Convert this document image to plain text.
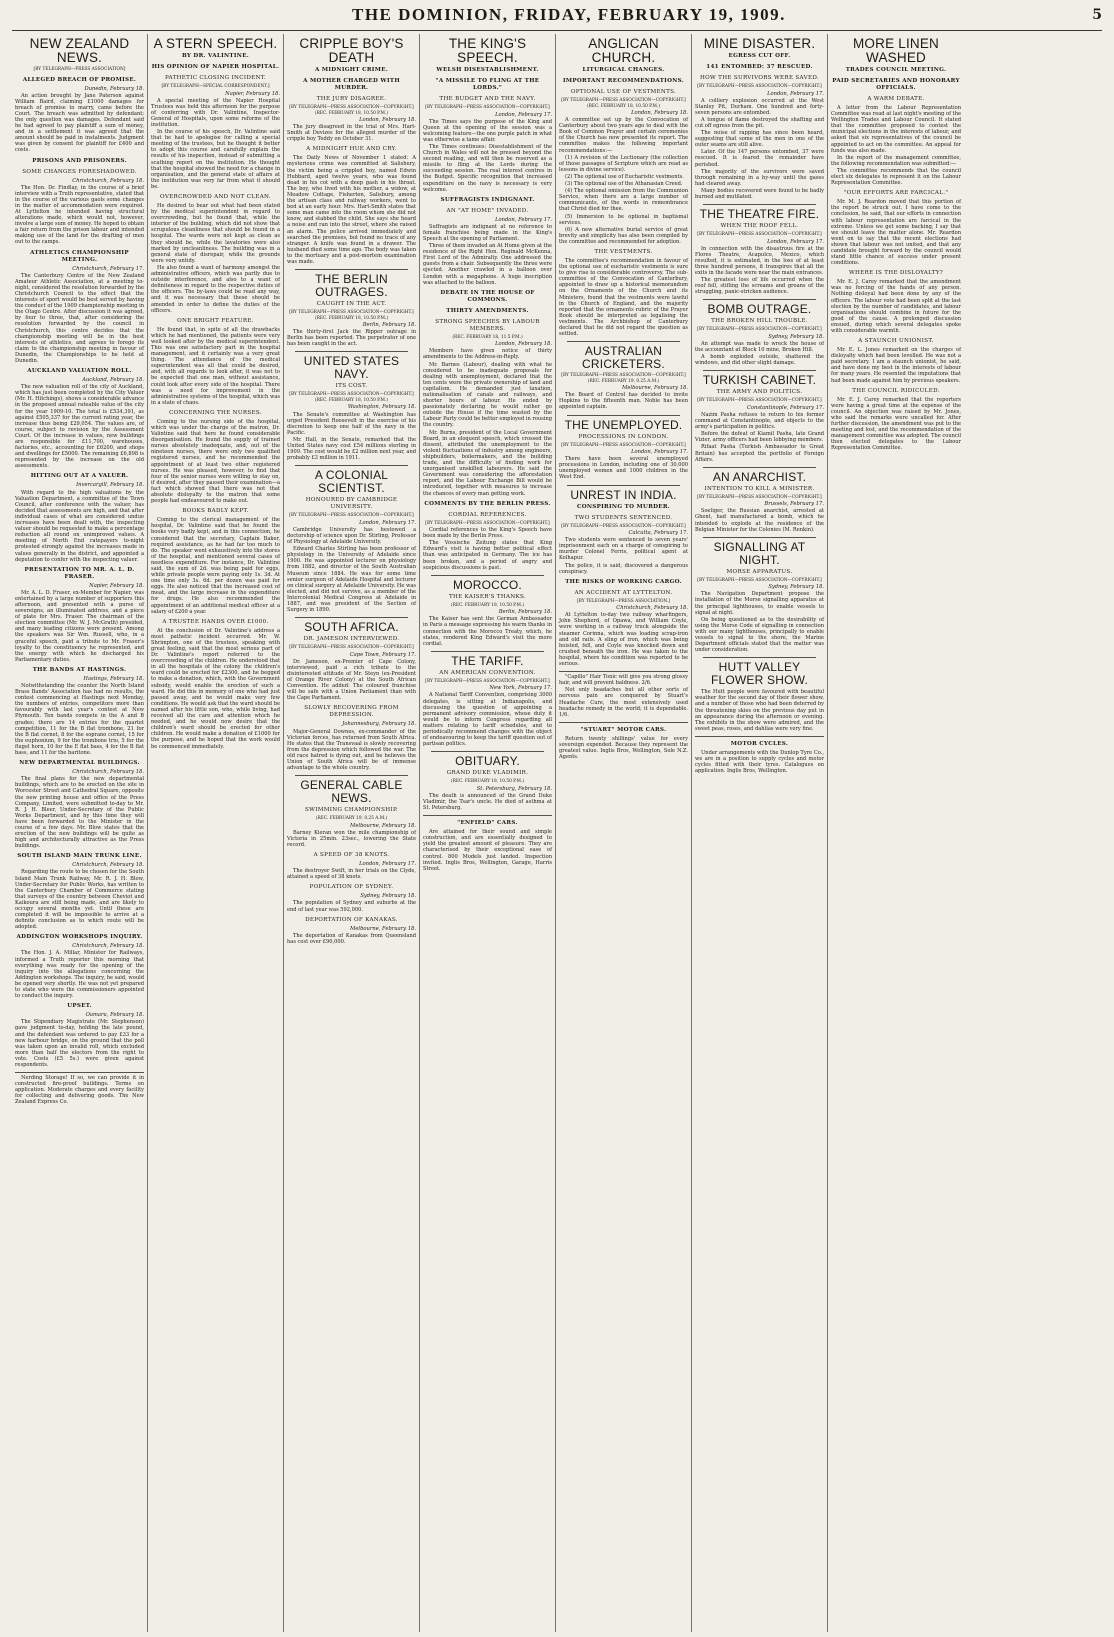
THE DOMINION, FRIDAY, FEBRUARY 19, 1909.	5
NEW ZEALAND NEWS.
[BY TELEGRAPH—PRESS ASSOCIATION]
ALLEGED BREACH OF PROMISE.
Dunedin, February 18.

An action brought by Jane Paterson against William Baird, claiming £1000 damages for breach of promise to marry, came before the Court. The breach was admitted by defendant; the only question was damages. Defendant said he had agreed to pay plaintiff a sum of money, and in a settlement it was agreed that the amount should be paid in instalments. Judgment was given by consent for plaintiff for £400 and costs.

PRISONS AND PRISONERS.
SOME CHANGES FORESHADOWED.
Christchurch, February 18.

The Hon. Dr. Findlay, in the course of a brief interview with a Truth representative, stated that in the course of the various gaols some changes in the matter of accommodation were required. At Lyttelton he intended having structural alterations made, which would not, however, involve a large sum of money. He hoped to obtain a fair return from the prison labour and intended making use of the land for the drafting of men out to the camps.

ATHLETICS CHAMPIONSHIP MEETING.
Christchurch, February 17.

The Canterbury Centre of the New Zealand Amateur Athletic Association, at a meeting to-night, considered the resolution forwarded by the Christchurch Council to the effect that the interests of sport would be best served by having the conduct of the 1909 championship meeting in the Otago Centre. After discussion it was agreed, by four to three, that, after considering the resolution forwarded by the council in Christchurch, this centre decides that the championship meeting will be in the best interests of athletics, and agrees to forego its claim to the championship meeting in favour of Dunedin, the Championships to be held at Dunedin.

AUCKLAND VALUATION ROLL.
Auckland, February 18.

The new valuation roll of the city of Auckland, which has just been completed by the City Valuer (Mr. H. Hitchings), shows a considerable advance in the proposed annual rateable value of the city for the year 1909-10. The total is £534,391, as against £505,337 for the current rating year, the increase thus being £29,054. The values are, of course, subject to revision by the Assessment Court. Of the increase in values, new buildings are responsible for £11,700, warehouses, factories, etc., accounting for £6200, and shops and dwellings for £5000. The remaining £6,898 is represented by the increase on the old assessments.

HITTING OUT AT A VALUER.
Invercargill, February 18.

With regard to the high valuations by the Valuation Department, a committee of the Town Council, after conference with the valuer, has decided that assessments are high, and that after individual cases of what are considered undue increases have been dealt with, the inspecting valuer should be requested to make a percentage reduction all round on unimproved values. A meeting of North End ratepayers to-night protested strongly against the increases made in values generally in the district, and appointed a deputation to confer with the inspecting valuer.

PRESENTATION TO MR. A. L. D. FRASER.
Napier, February 18.

Mr. A. L. D. Fraser, ex-Member for Napier, was entertained by a large number of supporters this afternoon, and presented with a purse of sovereigns, an illuminated address, and a piece of plate for Mrs. Fraser. The chairman of the election committee (Mr. W. J. McGrath) presided, and many leading citizens were present. Among the speakers was Sir Wm. Russell, who, in a graceful speech, paid a tribute to Mr. Fraser's loyalty to the constituency he represented, and the energy with which he discharged his Parliamentary duties.

THE BANDS AT HASTINGS.
Hastings, February 18.

Notwithstanding the counter the North Island Brass Bands' Association has had no results, the contest commencing at Hastings next Monday, the numbers of entries, competitors more than favourably with last year's contest at New Plymouth. Ten bands compete in the A and B grades; there are 14 entries for the quartet competition, 11 for the B flat trombone, 21 for the B flat cornet, 8 for the soprano cornet, 15 for the euphonium, 9 for the trombone trio, 5 for the flugel horn, 10 for the E flat bass, 4 for the B flat bass, and 11 for the baritone.

NEW DEPARTMENTAL BUILDINGS.
Christchurch, February 18.

The final plans for the new departmental buildings, which are to be erected on the site in Worcester Street and Cathedral Square, opposite the new printing house and office of the Press Company, Limited, were submitted to-day to Mr. R. J. H. Bleer, Under-Secretary of the Public Works Department, and by this time they will have been forwarded to the Minister in the course of a few days. Mr. Blow states that the erection of the new buildings will be quite as high and architecturally attractive as the Press buildings.

SOUTH ISLAND MAIN TRUNK LINE.
Christchurch, February 18.

Regarding the route to be chosen for the South Island Main Trunk Railway, Mr. R. J. H. Blow, Under-Secretary for Public Works, has written to the Canterbury Chamber of Commerce stating that surveys of the country between Cheviot and Kaikoura are still being made, and are likely to occupy several months yet. Until these are completed it will be impossible to arrive at a definite conclusion as to which route will be adopted.

ADDINGTON WORKSHOPS INQUIRY.
Christchurch, February 18.

The Hon. J. A. Millar, Minister for Railways, informed a Truth reporter this morning that everything was ready for the opening of the inquiry into the allegations concerning the Addington workshops. The inquiry, he said, would be opened very shortly. He was not yet prepared to state who were the commissioners appointed to conduct the inquiry.

UPSET.
Oamaru, February 18.

The Stipendiary Magistrate (Mr. Stephenson) gave judgment to-day, holding the late pound, and the defendant was ordered to pay £33 for a new harbour bridge, on the ground that the poll was taken upon an invalid roll, which excluded more than half the electors from the right to vote. Costs (£5 5s.) were given against respondents.

Nerding Storage! If so, we can provide it in constructed fire-proof buildings. Terms on application. Moderate charges and every facility for collecting and delivering goods. The New Zealand Express Co.

A STERN SPEECH.
BY DR. VALINTINE.
HIS OPINION OF NAPIER HOSPITAL.
PATHETIC CLOSING INCIDENT.
[BY TELEGRAPH—SPECIAL CORRESPONDENT.]
Napier, February 18.

A special meeting of the Napier Hospital Trustees was held this afternoon for the purpose of conferring with Dr. Valintine, Inspector-General of Hospitals, upon some reforms of the institution.

In the course of his speech, Dr. Valintine said that he had to apologise for calling a special meeting of the trustees, but he thought it better to adopt this course and carefully explain the results of his inspection, instead of submitting a scathing report on the institution. He thought that the hospital showed the need for a change in organisation, and the general state of affairs at the institution was very far from what it should be.

OVERCROWDED AND NOT CLEAN.

He desired to bear out what had been stated by the medical superintendent in regard to overcrowding, but he found that, while the interior of the building, which did not show that scrupulous cleanliness that should be found in a hospital. The wards were not kept as clean as they should be, while the lavatories were also marked by uncleanliness. The building was in a general state of disrepair, while the grounds were very untidy.

He also found a want of harmony amongst the administrative officers, which was partly due to outside interference, and also to a want of definiteness in regard to the respective duties of the officers. The by-laws could be read any way, and it was necessary that these should be amended in order to define the duties of the officers.

ONE BRIGHT FEATURE.

He found that, in spite of all the drawbacks which he had mentioned, the patients were very well looked after by the medical superintendent. This was one satisfactory part in the hospital management, and it certainly was a very great thing. The attendance of the medical superintendent was all that could be desired, and, with all regards to look after, it was not to be expected that one man, without assistance, could look after every side of the hospital. There was a need for improvement in the administrative systems of the hospital, which was in a state of chaos.

CONCERNING THE NURSES.

Coming to the nursing side of the hospital, which was under the charge of the matron, Dr. Valintine said that here he found considerable disorganisation. He found the supply of trained nurses absolutely inadequate, and, out of the nineteen nurses, there were only two qualified registered nurses, and he recommended the appointment of at least two other registered nurses. He was pleased, however, to find that four of the senior nurses were willing to stay on, if desired, after they passed their examination—a fact which showed that there was not that absolute disloyalty to the matron that some people had endeavoured to make out.

BOOKS BADLY KEPT.

Coming to the clerical management of the hospital, Dr. Valintine said that he found the books very badly kept, and in this connection, he considered that the secretary, Captain Baker, required assistance, as he had far too much to do. The speaker went exhaustively into the stores of the hospital, and mentioned several cases of needless expenditure. For instance, Dr. Valintine said, the sum of 2d. was being paid for eggs, while private people were paying only 1s. 3d. At one time only 3s. 6d. per dozen was paid for eggs. He also noticed that the increased cost of meat, and the large increase in the expenditure for drugs. He also recommended the appointment of an additional medical officer at a salary of £200 a year.

A TRUSTEE HANDS OVER £1000.

At the conclusion of Dr. Valintine's address a most pathetic incident occurred. Mr. W. Shrimpton, one of the trustees, speaking with great feeling, said that the most serious part of Dr. Valintine's report referred to the overcrowding of the children. He understood that in all the hospitals of the colony the children's ward could be erected for £2300, and he begged to make a donation, which, with the Government subsidy, would enable the erection of such a ward. He did this in memory of one who had just passed away, and he would make very few conditions. He would ask that the ward should be named after his little son, who, while living, had received all the care and attention which he needed, and he would now desire that the children's ward should be erected for other children. He would make a donation of £1000 for the purpose, and he hoped that the work would be commenced immediately.

CRIPPLE BOY'S DEATH
A MIDNIGHT CRIME.
A MOTHER CHARGED WITH MURDER.
THE JURY DISAGREE.
[BY TELEGRAPH—PRESS ASSOCIATION—COPYRIGHT.] (REC. FEBRUARY 18, 10.50 P.M.)
London, February 18.

The jury disagreed in the trial of Mrs. Hart-Smith at Devizes for the alleged murder of the cripple boy Teddy on October 31.

A MIDNIGHT HUE AND CRY.

The Daily News of November 1 stated: A mysterious crime was committed at Salisbury, the victim being a crippled boy, named Edwin Hubbard, aged twelve years, who was found dead in his cot with a deep gash in his throat. The boy, who lived with his mother, a widow, at Meadow Cottage, Fisherton, Salisbury, among the artisan class and railway workers, went to bed at an early hour. Mrs. Hart-Smith states that some man came into the room whom she did not know, and stabbed the child. She says she heard a noise and ran into the street, where she raised an alarm. The police arrived immediately and searched the premises, but found no trace of any stranger. A knife was found in a drawer. The husband died some time ago. The body was taken to the mortuary and a post-mortem examination was made.

THE BERLIN OUTRAGES.
CAUGHT IN THE ACT.
[BY TELEGRAPH—PRESS ASSOCIATION—COPYRIGHT.] (REC. FEBRUARY 18, 10.50 P.M.)
Berlin, February 18.

The thirty-first Jack the Ripper outrage in Berlin has been reported. The perpetrator of one has been caught in the act.

UNITED STATES NAVY.
ITS COST.
[BY TELEGRAPH—PRESS ASSOCIATION—COPYRIGHT.] (REC. FEBRUARY 18, 10.50 P.M.)
Washington, February 18.

The Senate's committee at Washington has urged President Roosevelt in the exercise of his discretion to keep one half of the navy in the Pacific.

Mr. Hall, in the Senate, remarked that the United States navy cost £54 millions sterling in 1909. The cost would be £2 million next year, and probably £3 million in 1911.

A COLONIAL SCIENTIST.
HONOURED BY CAMBRIDGE UNIVERSITY.
[BY TELEGRAPH—PRESS ASSOCIATION—COPYRIGHT.]
London, February 17.

Cambridge University has bestowed a doctorship of science upon Dr. Stirling, Professor of Physiology at Adelaide University.

Edward Charles Stirling has been professor of physiology in the University of Adelaide since 1900. He was appointed lecturer on physiology from 1882, and director of the South Australian Museum since 1884. He was for some time senior surgeon of Adelaide Hospital and lecturer on clinical surgery at Adelaide University. He was elected, and did not survive, as a member of the Intercolonial Medical Congress at Adelaide in 1887, and was president of the Section of Surgery in 1890.

SOUTH AFRICA.
DR. JAMESON INTERVIEWED.
[BY TELEGRAPH—PRESS ASSOCIATION—COPYRIGHT.]
Cape Town, February 17.

Dr. Jameson, ex-Premier of Cape Colony, interviewed, paid a rich tribute to the disinterested attitude of Mr. Steyn (ex-President of Orange River Colony) at the South African Convention. He added: The coloured franchise will be safe with a Union Parliament than with the Cape Parliament.

SLOWLY RECOVERING FROM DEPRESSION.
Johannesburg, February 18.

Major-General Downes, ex-commander of the Victorian forces, has returned from South Africa. He states that the Transvaal is slowly recovering from the depression which followed the war. The old race hatred is dying out, and he believes the Union of South Africa will be of immense advantage to the whole country.

GENERAL CABLE NEWS.
SWIMMING CHAMPIONSHIP.
(REC. FEBRUARY 19, 0.25 A.M.)
Melbourne, February 18.

Barney Kieran won the mile championship of Victoria in 25min. 23sec., lowering the State record.

A SPEED OF 38 KNOTS.
London, February 17.

The destroyer Swift, in her trials on the Clyde, attained a speed of 38 knots.

POPULATION OF SYDNEY.
Sydney, February 18.

The population of Sydney and suburbs at the end of last year was 592,000.

DEPORTATION OF KANAKAS.
Melbourne, February 18.

The deportation of Kanakas from Queensland has cost over £90,000.

THE KING'S SPEECH.
WELSH DISESTABLISHMENT.
"A MISSILE TO FLING AT THE LORDS."
THE BUDGET AND THE NAVY.
[BY TELEGRAPH—PRESS ASSOCIATION—COPYRIGHT.]
London, February 17.

The Times says the purpose of the King and Queen at the opening of the session was a welcoming feature—the one purple patch in what was otherwise a tame affair.

The Times continues: Disestablishment of the Church in Wales will not be pressed beyond the second reading, and will then be reserved as a missile to fling at the Lords during the succeeding session. The real interest centres in the Budget. Specific recognition that increased expenditure on the navy is necessary is very welcome.

SUFFRAGISTS INDIGNANT.
AN "AT HOME" INVADED.
London, February 17.

Suffragists are indignant at no reference to female franchise being made in the King's Speech at the opening of Parliament.

Three of them invaded an At Home given at the residence of the Right Hon. Reginald McKenna, First Lord of the Admiralty. One addressed the guests from a chair. Subsequently the three were ejected. Another crawled in a balloon over London with a megaphone. A huge inscription was attached to the balloon.

DEBATE IN THE HOUSE OF COMMONS.
THIRTY AMENDMENTS.
STRONG SPEECHES BY LABOUR MEMBERS.
(REC. FEBRUARY 18, 11.5 P.M.)
London, February 18.

Members have given notice of thirty amendments to the Address-in-Reply.

Mr. Barnes (Labour), dealing with what he considered to be inadequate proposals for dealing with unemployment, declared that the ten cents were the private ownership of land and capitalism. He demanded just taxation, nationalisation of canals and railways, and shorter hours of labour. He ended by passionately declaring he would rather go outside the House if the time wasted by the Labour Party could be better employed in rousing the country.

Mr. Burns, president of the Local Government Board, in an eloquent speech, which crossed the dissent, attributed the unemployment to the violent fluctuations of industry among engineers, shipbuilders, boilermakers, and the building trade, and the difficulty of finding work for unorganised unskilled labourers. He said the Government was considering the afforestation report, and the Labour Exchange Bill would be introduced, together with measures to increase the chances of every man getting work.

COMMENTS BY THE BERLIN PRESS.
CORDIAL REFERENCES.
[BY TELEGRAPH—PRESS ASSOCIATION—COPYRIGHT.]

Cordial references to the King's Speech have been made by the Berlin Press.

The Vossische Zeitung states that King Edward's visit is having better political effect than was anticipated in Germany. The ice has been broken, and a period of angry and suspicious discussions is past.

MOROCCO.
THE KAISER'S THANKS.
(REC. FEBRUARY 18, 10.50 P.M.)
Berlin, February 18.

The Kaiser has sent the German Ambassador in Paris a message expressing his warm thanks in connection with the Morocco Treaty, which, he states, rendered King Edward's visit the more cordial.

THE TARIFF.
AN AMERICAN CONVENTION.
[BY TELEGRAPH—PRESS ASSOCIATION—COPYRIGHT.]
New York, February 17.

A National Tariff Convention, comprising 3000 delegates, is sitting at Indianapolis, and discussing the question of appointing a permanent advisory commission, whose duty it would be to inform Congress regarding all matters relating to tariff schedules, and to periodically recommend changes with the object of endeavouring to keep the tariff question out of partisan politics.

OBITUARY.
GRAND DUKE VLADIMIR.
(REC. FEBRUARY 18, 10.50 P.M.)
St. Petersburg, February 18.

The death is announced of the Grand Duke Vladimir, the Tsar's uncle. He died of asthma at St. Petersburg.

"ENFIELD" CARS.

Are attained for their sound and simple construction, and are essentially designed to yield the greatest amount of pleasure. They are characterised by their exceptional ease of control. 800 Models just landed. Inspection invited. Inglis Bros, Wellington, Garage, Harris Street.

ANGLICAN CHURCH.
LITURGICAL CHANGES.
IMPORTANT RECOMMENDATIONS.
OPTIONAL USE OF VESTMENTS.
[BY TELEGRAPH—PRESS ASSOCIATION—COPYRIGHT.] (REC. FEBRUARY 18, 10.50 P.M.)
London, February 18.

A committee set up by the Convocation of Canterbury about two years ago to deal with the Book of Common Prayer and certain ceremonies of the Church has now presented its report. The committee makes the following important recommendations:—

(1) A revision of the Lectionary (the collection of those passages of Scripture which are read as lessons in divine service).

(2) The optional use of Eucharistic vestments.

(3) The optional use of the Athanasian Creed.

(4) The optional omission from the Communion Service, when there are a large number of communicants, of the words in remembrance that Christ died for thee.

(5) Immersion to be optional in baptismal services.

(6) A new alternative burial service of great brevity and simplicity has also been compiled by the committee and recommended for adoption.

THE VESTMENTS.

The committee's recommendation in favour of the optional use of eucharistic vestments is sure to give rise to considerable controversy. The sub-committee of the Convocation of Canterbury, appointed to draw up a historical memorandum on the Ornaments of the Church and its Ministers, found that the vestments were lawful in the Church of England, and the majority reported that the ornaments rubric of the Prayer Book should be interpreted as legalising the vestments. The Archbishop of Canterbury declared that he did not regard the question as settled.

AUSTRALIAN CRICKETERS.
[BY TELEGRAPH—PRESS ASSOCIATION—COPYRIGHT.] (REC. FEBRUARY 19, 0.25 A.M.)
Melbourne, February 18.

The Board of Control has decided to invite Hopkins to the fifteenth man. Noble has been appointed captain.

THE UNEMPLOYED.
PROCESSIONS IN LONDON.
[BY TELEGRAPH—PRESS ASSOCIATION—COPYRIGHT.]
London, February 17.

There have been several unemployed processions in London, including one of 30,000 unemployed women and 1000 children in the West End.

UNREST IN INDIA.
CONSPIRING TO MURDER.
TWO STUDENTS SENTENCED.
[BY TELEGRAPH—PRESS ASSOCIATION—COPYRIGHT.]
Calcutta, February 17.

Two students were sentenced to seven years' imprisonment each on a charge of conspiring to murder Colonel Ferris, political agent at Kolhapur.

The police, it is said, discovered a dangerous conspiracy.

THE RISKS OF WORKING CARGO.
AN ACCIDENT AT LYTTELTON.
[BY TELEGRAPH—PRESS ASSOCIATION.]
Christchurch, February 18.

At Lyttelton to-day two railway wharfingers, John Shepherd, of Opawa, and William Coyle, were working in a railway truck alongside the steamer Corinna, which was loading scrap-iron and old rails. A sling of iron, which was being hoisted, fell, and Coyle was knocked down and crushed beneath the iron. He was taken to the hospital, where his condition was reported to be serious.

"Capillo" Hair Tonic will give you strong glossy hair, and will prevent baldness. 2/6.

Not only headaches but all other sorts of nervous pain are conquered by Stuart's Headache Cure, the most extensively used headache remedy in the world; it is dependable. 1/6.

"STUART" MOTOR CARS.

Return twenty shillings' value for every sovereign expended. Because they represent the greatest value. Inglis Bros, Wellington, Sole N.Z. Agents.

MINE DISASTER.
EGRESS CUT OFF.
141 ENTOMBED: 37 RESCUED.
HOW THE SURVIVORS WERE SAVED.
[BY TELEGRAPH—PRESS ASSOCIATION—COPYRIGHT.]
London, February 17.

A colliery explosion occurred at the West Stanley Pit, Durham. One hundred and forty-seven persons are entombed.

A tongue of flame destroyed the shafting and cut off egress from the pit.

The noise of rapping has since been heard, suggesting that some of the men in one of the outer seams are still alive.

Later. Of the 147 persons entombed, 37 were rescued. It is feared the remainder have perished.

The majority of the survivors were saved through remaining in a by-way until the gases had cleared away.

Many bodies recovered were found to be badly burned and mutilated.

THE THEATRE FIRE.
WHEN THE ROOF FELL.
[BY TELEGRAPH—PRESS ASSOCIATION—COPYRIGHT.]
London, February 17.

In connection with the disastrous fire at the Flores Theatre, Acapulco, Mexico, which resulted, it is estimated, in the loss of at least three hundred persons, it transpires that all the exits in the facade were near the main entrances.

The greatest loss of life occurred when the roof fell, stifling the screams and groans of the struggling, panic-stricken audience.

BOMB OUTRAGE.
THE BROKEN HILL TROUBLE.
[BY TELEGRAPH—PRESS ASSOCIATION—COPYRIGHT.]
Sydney, February 18.

An attempt was made to wreck the house of the accountant at Block 10 mine, Broken Hill.

A bomb exploded outside, shattered the windows, and did other slight damage.

TURKISH CABINET.
THE ARMY AND POLITICS.
[BY TELEGRAPH—PRESS ASSOCIATION—COPYRIGHT.]
Constantinople, February 17.

Nazim Pasha refuses to return to his former command at Constantinople, and objects to the army's participation in politics.

Before the defeat of Kiamil Pasha, late Grand Vizier, army officers had been lobbying members.

Rifaat Pasha (Turkish Ambassador to Great Britain) has accepted the portfolio of Foreign Affairs.

AN ANARCHIST.
INTENTION TO KILL A MINISTER.
[BY TELEGRAPH—PRESS ASSOCIATION—COPYRIGHT.]
Brussels, February 17.

Soeliger, the Russian anarchist, arrested at Ghent, had manufactured a bomb, which he intended to explode at the residence of the Belgian Minister for the Colonies (M. Renkin).

SIGNALLING AT NIGHT.
MORSE APPARATUS.
[BY TELEGRAPH—PRESS ASSOCIATION—COPYRIGHT.]
Sydney, February 18.

The Navigation Department propose the installation of the Morse signalling apparatus at the principal lighthouses, to enable vessels to signal at night.

On being questioned as to the desirability of using the Morse Code of signalling in connection with our many lighthouses, principally to enable vessels to signal to the shore, the Marine Department officials stated that the matter was under consideration.

HUTT VALLEY FLOWER SHOW.

The Hutt people were favoured with beautiful weather for the second day of their flower show, and a number of those who had been deterred by the threatening skies on the previous day put in an appearance during the afternoon or evening. The exhibits in the show were admired, and the sweet peas, roses, and dahlias were very fine.

MOTOR CYCLES.

Under arrangements with the Dunlop Tyre Co., we are in a position to supply cycles and motor cycles fitted with their tyres. Catalogues on application. Inglis Bros, Wellington.

MORE LINEN WASHED
TRADES COUNCIL MEETING.
PAID SECRETARIES AND HONORARY OFFICIALS.
A WARM DEBATE.

A letter from the Labour Representation Committee was read at last night's meeting of the Wellington Trades and Labour Council. It stated that the committee proposed to contest the municipal elections in the interests of labour, and asked that six representatives of the council be appointed to act on the committee. An appeal for funds was also made.

In the report of the management committee, the following recommendation was submitted:—

The committee recommends that the council elect six delegates to represent it on the Labour Representation Committee.

"OUR EFFORTS ARE FARCICAL."

Mr. M. J. Reardon moved that this portion of the report be struck out. I have come to the conclusion, he said, that our efforts in connection with labour representation are farcical in the extreme. Unless we get some backing, I say that we should leave the matter alone. Mr. Reardon went on to say that the recent elections had shown that labour was not united, and that any candidate brought forward by the council would stand little chance of success under present conditions.

WHERE IS THE DISLOYALTY?

Mr. E. J. Carey remarked that the amendment was no forcing of the hands of any person. Nothing disloyal had been done by any of the officers. The labour vote had been split at the last election by the number of candidates, and labour organisations should combine in future for the good of the cause. A prolonged discussion ensued, during which several delegates spoke with considerable warmth.

A STAUNCH UNIONIST.

Mr. E. L. Jones remarked on the charges of disloyalty which had been levelled. He was not a paid secretary. I am a staunch unionist, he said, and have done my best in the interests of labour for many years. He resented the imputations that had been made against him by previous speakers.

THE COUNCIL RIDICULED.

Mr. E. J. Carey remarked that the reporters were having a great time at the expense of the council. An objection was raised by Mr. Jones, who said the remarks were uncalled for. After further discussion, the amendment was put to the meeting and lost, and the recommendation of the management committee was adopted. The council then elected delegates to the Labour Representation Committee.
